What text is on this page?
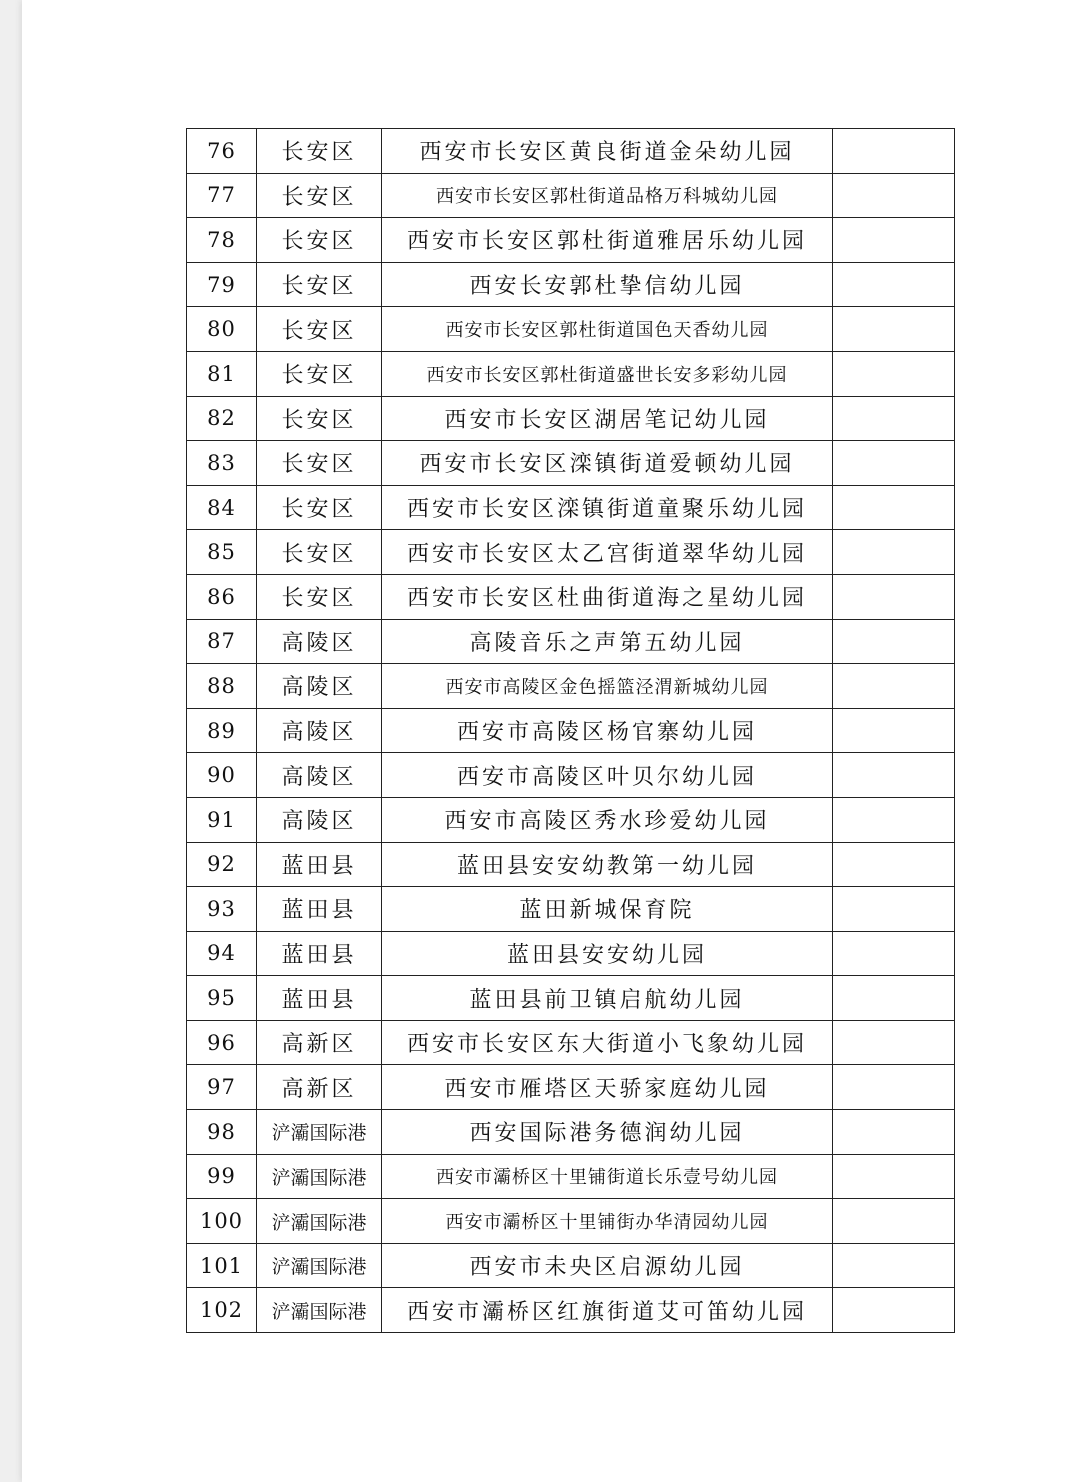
76	长安区	西安市长安区黄良街道金朵幼儿园	
77	长安区	西安市长安区郭杜街道品格万科城幼儿园	
78	长安区	西安市长安区郭杜街道雅居乐幼儿园	
79	长安区	西安长安郭杜挚信幼儿园	
80	长安区	西安市长安区郭杜街道国色天香幼儿园	
81	长安区	西安市长安区郭杜街道盛世长安多彩幼儿园	
82	长安区	西安市长安区湖居笔记幼儿园	
83	长安区	西安市长安区滦镇街道爱顿幼儿园	
84	长安区	西安市长安区滦镇街道童聚乐幼儿园	
85	长安区	西安市长安区太乙宫街道翠华幼儿园	
86	长安区	西安市长安区杜曲街道海之星幼儿园	
87	高陵区	高陵音乐之声第五幼儿园	
88	高陵区	西安市高陵区金色摇篮泾渭新城幼儿园	
89	高陵区	西安市高陵区杨官寨幼儿园	
90	高陵区	西安市高陵区叶贝尔幼儿园	
91	高陵区	西安市高陵区秀水珍爱幼儿园	
92	蓝田县	蓝田县安安幼教第一幼儿园	
93	蓝田县	蓝田新城保育院	
94	蓝田县	蓝田县安安幼儿园	
95	蓝田县	蓝田县前卫镇启航幼儿园	
96	高新区	西安市长安区东大街道小飞象幼儿园	
97	高新区	西安市雁塔区天骄家庭幼儿园	
98	浐灞国际港	西安国际港务德润幼儿园	
99	浐灞国际港	西安市灞桥区十里铺街道长乐壹号幼儿园	
100	浐灞国际港	西安市灞桥区十里铺街办华清园幼儿园	
101	浐灞国际港	西安市未央区启源幼儿园	
102	浐灞国际港	西安市灞桥区红旗街道艾可笛幼儿园	
